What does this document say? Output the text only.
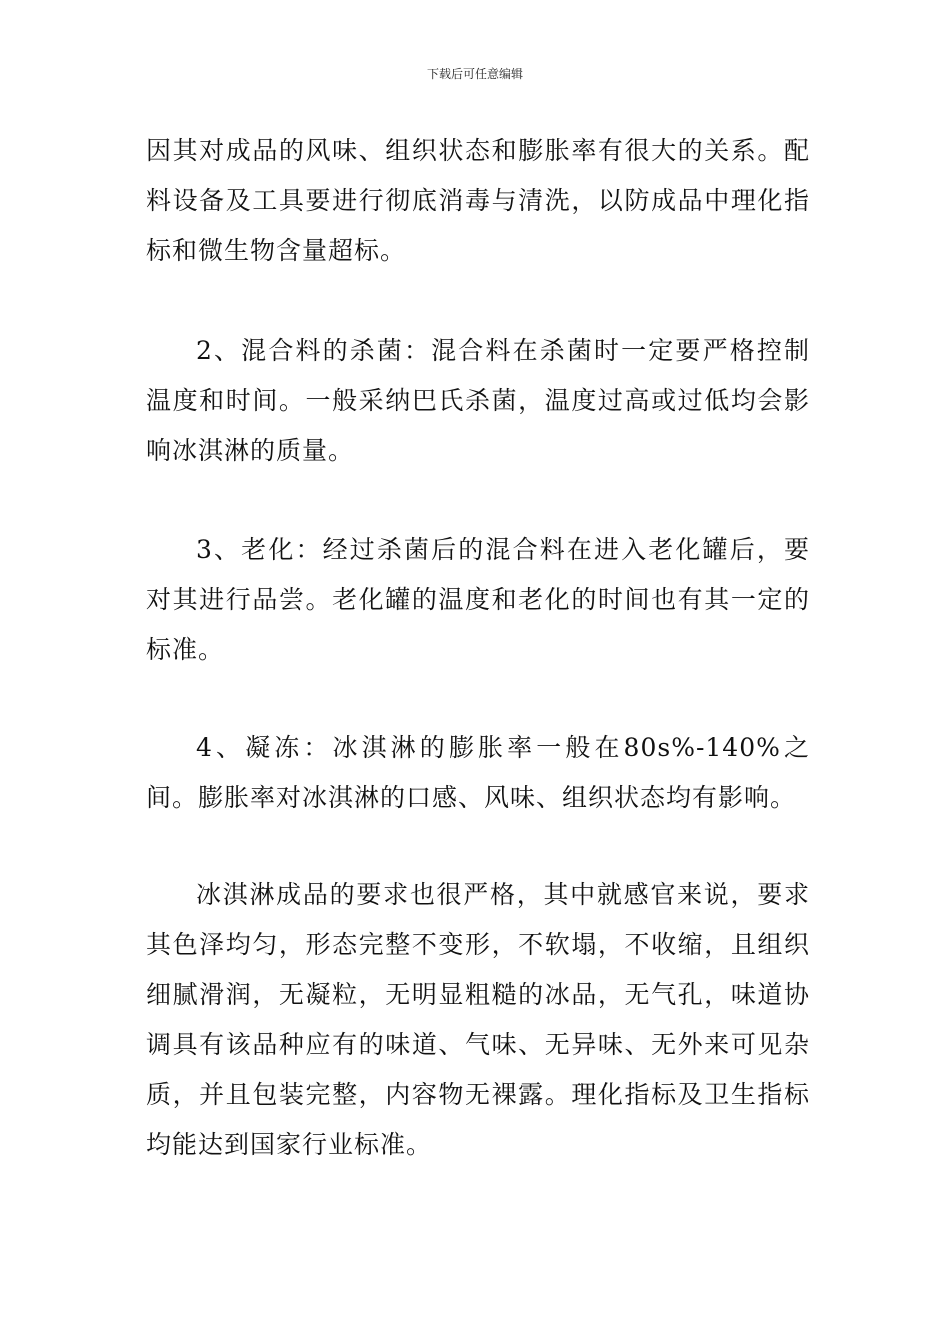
下载后可任意编辑

因其对成品的风味、组织状态和膨胀率有很大的关系。配料设备及工具要进行彻底消毒与清洗，以防成品中理化指标和微生物含量超标。

2、混合料的杀菌：混合料在杀菌时一定要严格控制温度和时间。一般采纳巴氏杀菌，温度过高或过低均会影响冰淇淋的质量。

3、老化：经过杀菌后的混合料在进入老化罐后，要对其进行品尝。老化罐的温度和老化的时间也有其一定的标准。

4、凝冻：冰淇淋的膨胀率一般在80s%-140%之间。膨胀率对冰淇淋的口感、风味、组织状态均有影响。

冰淇淋成品的要求也很严格，其中就感官来说，要求其色泽均匀，形态完整不变形，不软塌，不收缩，且组织细腻滑润，无凝粒，无明显粗糙的冰品，无气孔，味道协调具有该品种应有的味道、气味、无异味、无外来可见杂质，并且包装完整，内容物无裸露。理化指标及卫生指标均能达到国家行业标准。
